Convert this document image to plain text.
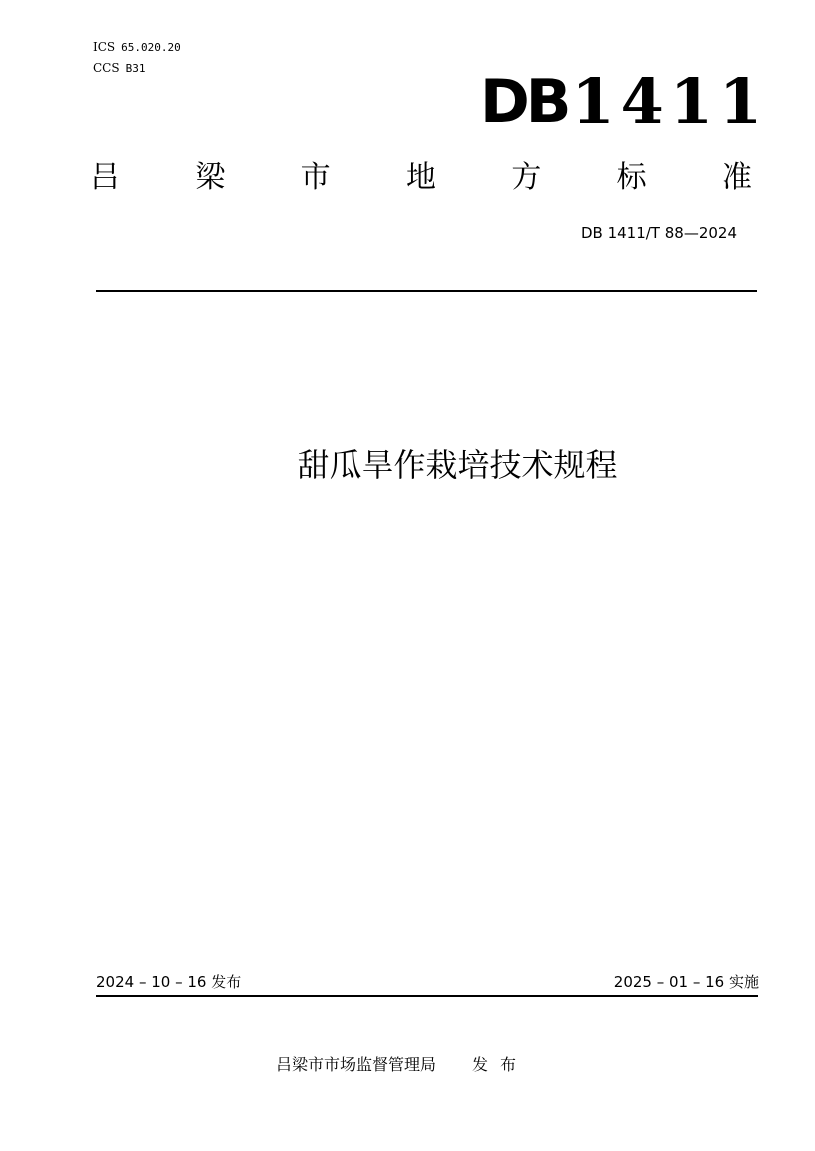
ICS 65.020.20
CCS B31	DB1411
吕	梁	市	地	方	标	准
DB 1411/T 88—2024
甜瓜旱作栽培技术规程
2024 – 10 – 16 发布	2025 – 01 – 16 实施
吕梁市市场监督管理局 发布
